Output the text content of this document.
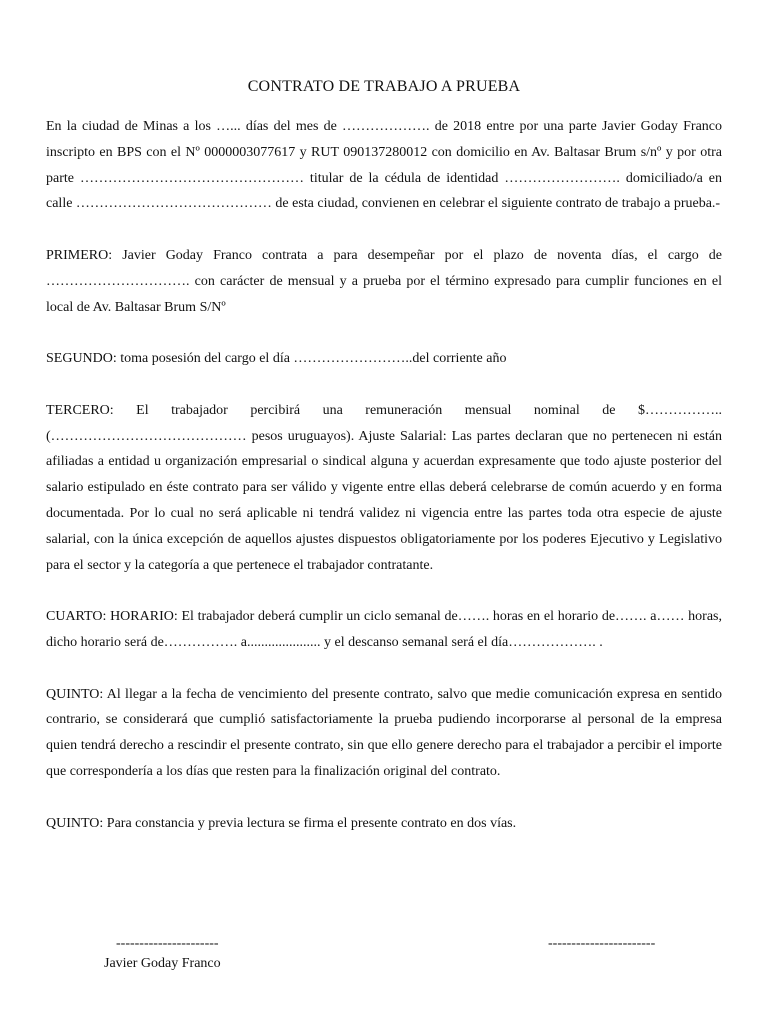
CONTRATO DE TRABAJO A PRUEBA

En la ciudad de Minas a los …... días del mes de ………………. de 2018 entre por una parte Javier Goday Franco inscripto en BPS con el Nº 0000003077617 y RUT 090137280012 con domicilio en Av. Baltasar Brum s/nº y por otra parte ………………………………………… titular de la cédula de identidad ……………………. domiciliado/a en calle …………………………………… de esta ciudad, convienen en celebrar el siguiente contrato de trabajo a prueba.-

PRIMERO: Javier Goday Franco contrata a para desempeñar por el plazo de noventa días, el cargo de …………………………. con carácter de mensual y a prueba por el término expresado para cumplir funciones en el local de Av. Baltasar Brum S/Nº

SEGUNDO: toma posesión del cargo el día ……………………..del corriente año

TERCERO: El trabajador percibirá una remuneración mensual nominal de $…………….. (…………………………………… pesos uruguayos). Ajuste Salarial: Las partes declaran que no pertenecen ni están afiliadas a entidad u organización empresarial o sindical alguna y acuerdan expresamente que todo ajuste posterior del salario estipulado en éste contrato para ser válido y vigente entre ellas deberá celebrarse de común acuerdo y en forma documentada. Por lo cual no será aplicable ni tendrá validez ni vigencia entre las partes toda otra especie de ajuste salarial, con la única excepción de aquellos ajustes dispuestos obligatoriamente por los poderes Ejecutivo y Legislativo para el sector y la categoría a que pertenece el trabajador contratante.

CUARTO: HORARIO: El trabajador deberá cumplir un ciclo semanal de……. horas en el horario de……. a…… horas, dicho horario será de……………. a..................... y el descanso semanal será el día………………. .

QUINTO: Al llegar a la fecha de vencimiento del presente contrato, salvo que medie comunicación expresa en sentido contrario, se considerará que cumplió satisfactoriamente la prueba pudiendo incorporarse al personal de la empresa quien tendrá derecho a rescindir el presente contrato, sin que ello genere derecho para el trabajador a percibir el importe que correspondería a los días que resten para la finalización original del contrato.

QUINTO: Para constancia y previa lectura se firma el presente contrato en dos vías.

----------------------	-----------------------
Javier Goday Franco
